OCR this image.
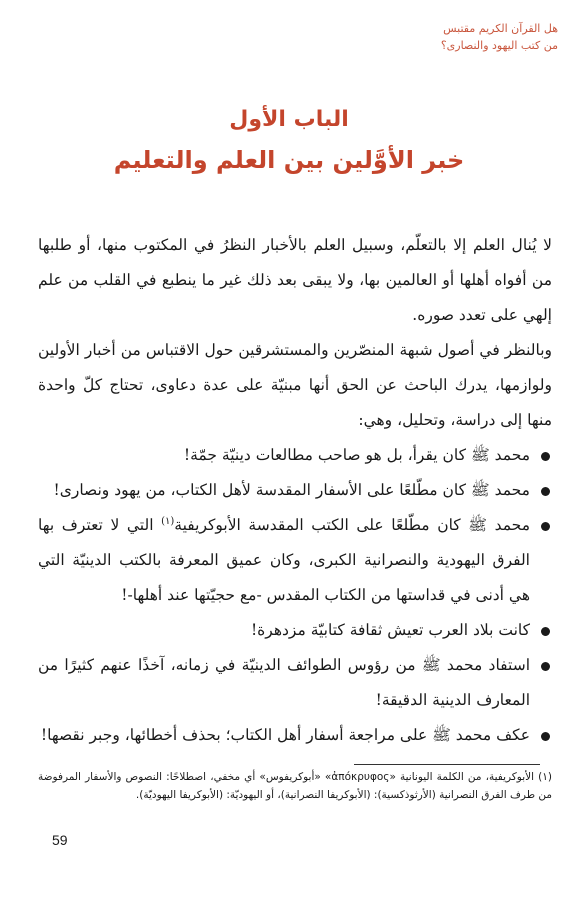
هل القرآن الكريم مقتبس
من كتب اليهود والنصارى؟
الباب الأول
خبر الأوَّلين بين العلم والتعليم

لا يُنال العلم إلا بالتعلّم، وسبيل العلم بالأخبار النظرُ في المكتوب منها، أو طلبها من أفواه أهلها أو العالمين بها، ولا يبقى بعد ذلك غير ما ينطبع في القلب من علم إلهي على تعدد صوره.

وبالنظر في أصول شبهة المنصّرين والمستشرقين حول الاقتباس من أخبار الأولين ولوازمها، يدرك الباحث عن الحق أنها مبنيّة على عدة دعاوى، تحتاج كلّ واحدة منها إلى دراسة، وتحليل، وهي:

محمد ﷺ كان يقرأ، بل هو صاحب مطالعات دينيّة جمّة!
محمد ﷺ كان مطّلعًا على الأسفار المقدسة لأهل الكتاب، من يهود ونصارى!
محمد ﷺ كان مطّلعًا على الكتب المقدسة الأبوكريفية$^{(١)}$ التي لا تعترف بها الفرق اليهودية والنصرانية الكبرى، وكان عميق المعرفة بالكتب الدينيّة التي هي أدنى في قداستها من الكتاب المقدس -مع حجيّتها عند أهلها-!
كانت بلاد العرب تعيش ثقافة كتابيّة مزدهرة!
استفاد محمد ﷺ من رؤوس الطوائف الدينيّة في زمانه، آخذًا عنهم كثيرًا من المعارف الدينية الدقيقة!
عكف محمد ﷺ على مراجعة أسفار أهل الكتاب؛ بحذف أخطائها، وجبر نقصها!
(١) الأبوكريفية، من الكلمة اليونانية «ἀπόκρυφος» «أبوكريفوس» أي مخفي، اصطلاحًا: النصوص والأسفار المرفوضة من طرف الفرق النصرانية (الأرثوذكسية): (الأبوكريفا النصرانية)، أو اليهوديّة: (الأبوكريفا اليهوديّة).
59
